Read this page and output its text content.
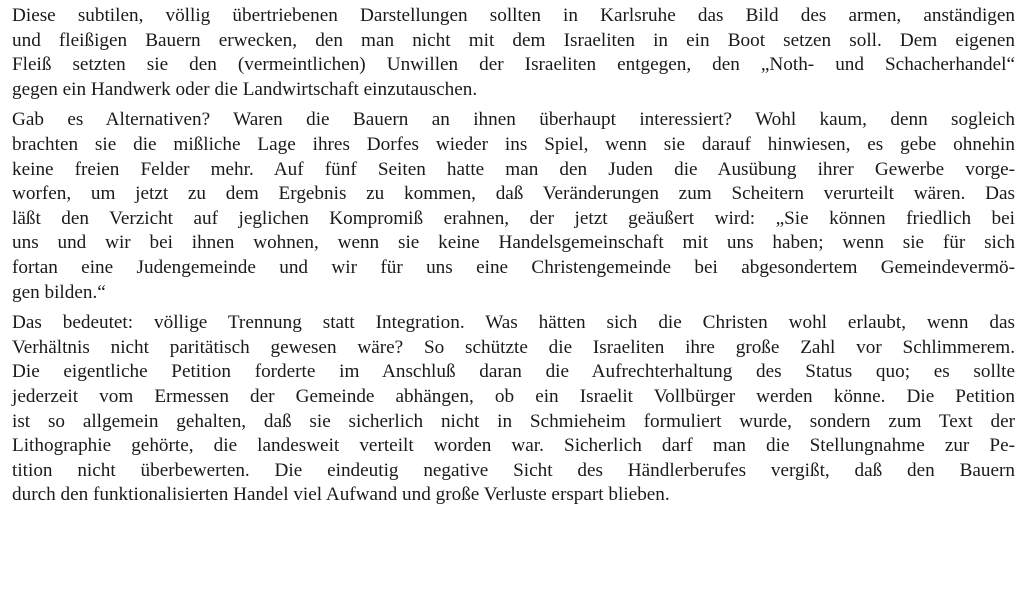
Diese subtilen, völlig übertriebenen Darstellungen sollten in Karlsruhe das Bild des armen, anständigen
und fleißigen Bauern erwecken, den man nicht mit dem Israeliten in ein Boot setzen soll. Dem eigenen
Fleiß setzten sie den (vermeintlichen) Unwillen der Israeliten entgegen, den „Noth- und Schacherhandel“
gegen ein Handwerk oder die Landwirtschaft einzutauschen.
Gab es Alternativen? Waren die Bauern an ihnen überhaupt interessiert? Wohl kaum, denn sogleich
brachten sie die mißliche Lage ihres Dorfes wieder ins Spiel, wenn sie darauf hinwiesen, es gebe ohnehin
keine freien Felder mehr. Auf fünf Seiten hatte man den Juden die Ausübung ihrer Gewerbe vorge-
worfen, um jetzt zu dem Ergebnis zu kommen, daß Veränderungen zum Scheitern verurteilt wären. Das
läßt den Verzicht auf jeglichen Kompromiß erahnen, der jetzt geäußert wird: „Sie können friedlich bei
uns und wir bei ihnen wohnen, wenn sie keine Handelsgemeinschaft mit uns haben; wenn sie für sich
fortan eine Judengemeinde und wir für uns eine Christengemeinde bei abgesondertem Gemeindevermö-
gen bilden.“
Das bedeutet: völlige Trennung statt Integration. Was hätten sich die Christen wohl erlaubt, wenn das
Verhältnis nicht paritätisch gewesen wäre? So schützte die Israeliten ihre große Zahl vor Schlimmerem.
Die eigentliche Petition forderte im Anschluß daran die Aufrechterhaltung des Status quo; es sollte
jederzeit vom Ermessen der Gemeinde abhängen, ob ein Israelit Vollbürger werden könne. Die Petition
ist so allgemein gehalten, daß sie sicherlich nicht in Schmieheim formuliert wurde, sondern zum Text der
Lithographie gehörte, die landesweit verteilt worden war. Sicherlich darf man die Stellungnahme zur Pe-
tition nicht überbewerten. Die eindeutig negative Sicht des Händlerberufes vergißt, daß den Bauern
durch den funktionalisierten Handel viel Aufwand und große Verluste erspart blieben.
